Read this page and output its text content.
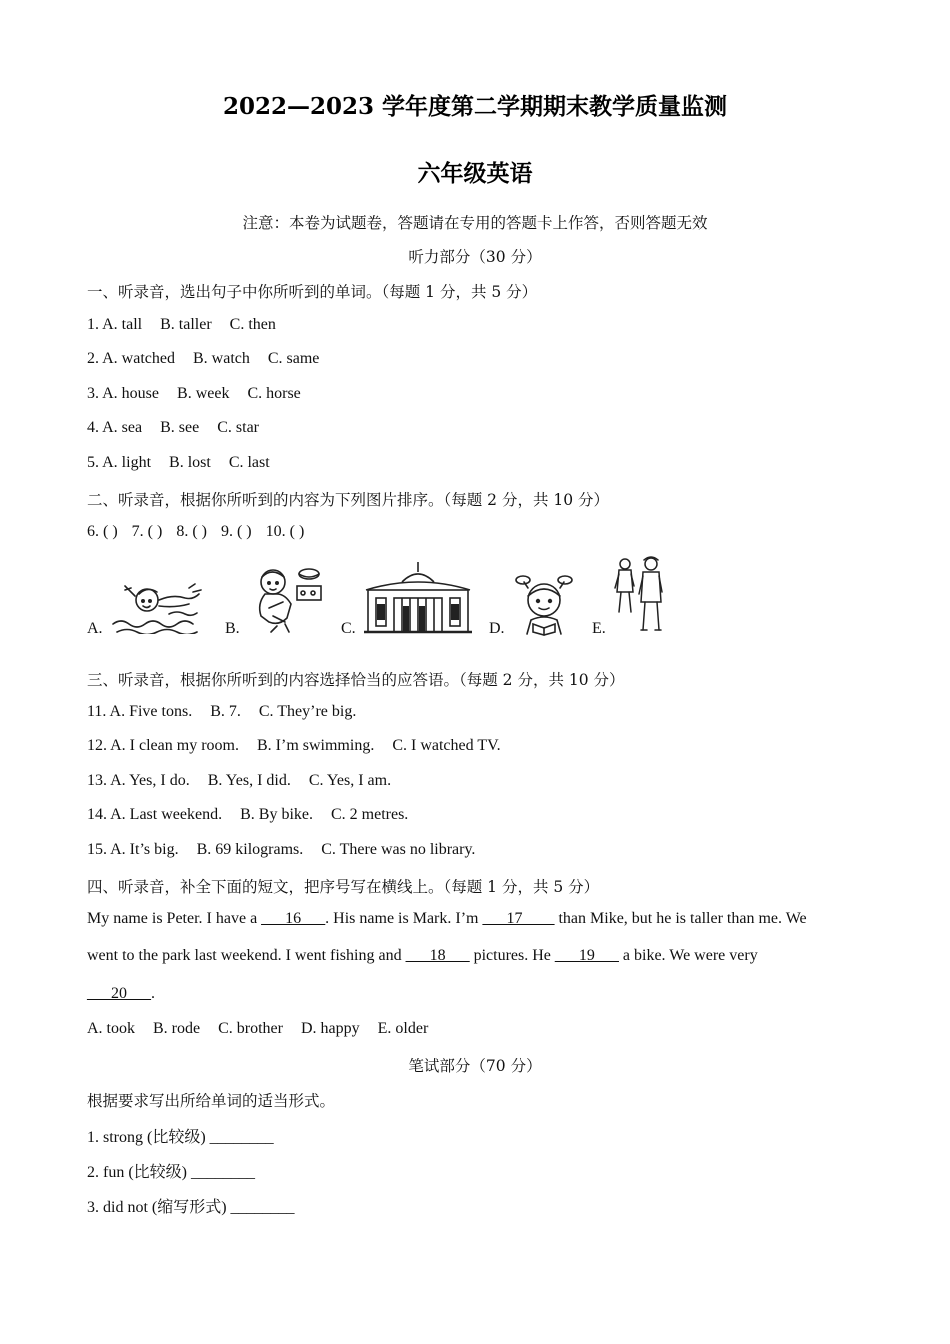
2022—2023 学年度第二学期期末教学质量监测
六年级英语
注意：本卷为试题卷，答题请在专用的答题卡上作答，否则答题无效
听力部分（30 分）
一、听录音，选出句子中你所听到的单词。（每题 1 分，共 5 分）
1. A. tall B. taller C. then
2. A. watched B. watch C. same
3. A. house B. week C. horse
4. A. sea B. see C. star
5. A. light B. lost C. last
二、听录音，根据你所听到的内容为下列图片排序。（每题 2 分，共 10 分）
6. ( ) 7. ( ) 8. ( ) 9. ( ) 10. ( )
A.	B.	C.	D.	E.
三、听录音，根据你所听到的内容选择恰当的应答语。（每题 2 分，共 10 分）
11. A. Five tons. B. 7. C. They’re big.
12. A. I clean my room. B. I’m swimming. C. I watched TV.
13. A. Yes, I do. B. Yes, I did. C. Yes, I am.
14. A. Last weekend. B. By bike. C. 2 metres.
15. A. It’s big. B. 69 kilograms. C. There was no library.
四、听录音，补全下面的短文，把序号写在横线上。（每题 1 分，共 5 分）
My name is Peter. I have a ___16___. His name is Mark. I’m ___17____ than Mike, but he is taller than me. We
went to the park last weekend. I went fishing and ___18___ pictures. He ___19___ a bike. We were very
___20___.
A. took B. rode C. brother D. happy E. older
笔试部分（70 分）
根据要求写出所给单词的适当形式。
1. strong (比较级) ________
2. fun (比较级) ________
3. did not (缩写形式) ________
